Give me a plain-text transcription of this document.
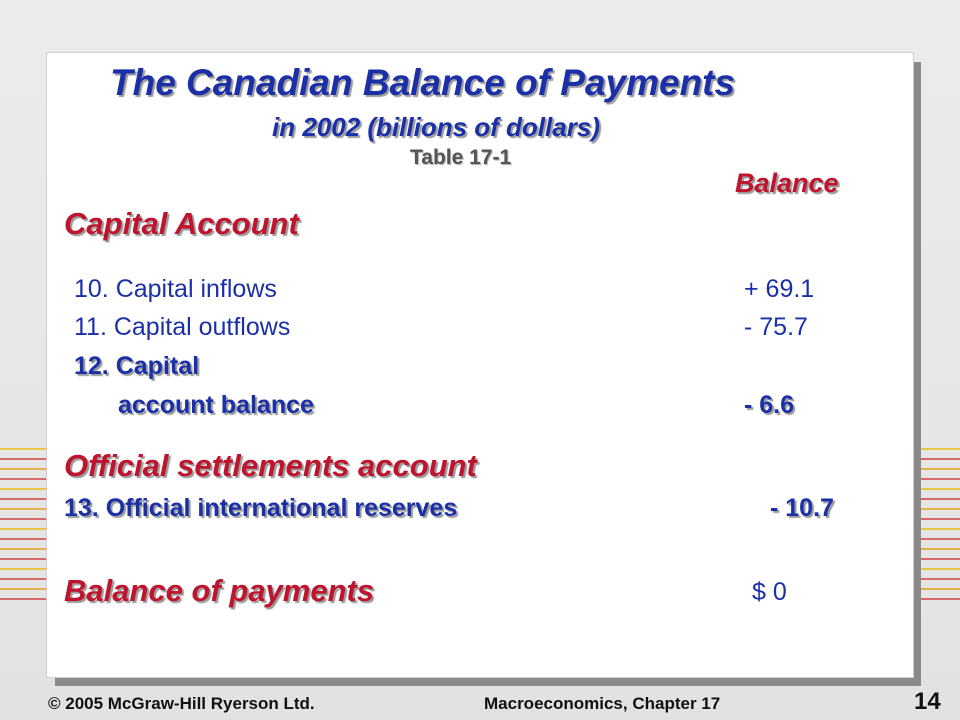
The Canadian Balance of Payments
in 2002 (billions of dollars)
Table 17-1
Balance
Capital Account
10. Capital inflows	+ 69.1
11. Capital outflows	- 75.7
12. Capital
account balance	- 6.6
Official settlements account
13. Official international reserves	- 10.7
Balance of payments	$ 0
© 2005 McGraw-Hill Ryerson Ltd.	Macroeconomics, Chapter 17	14
